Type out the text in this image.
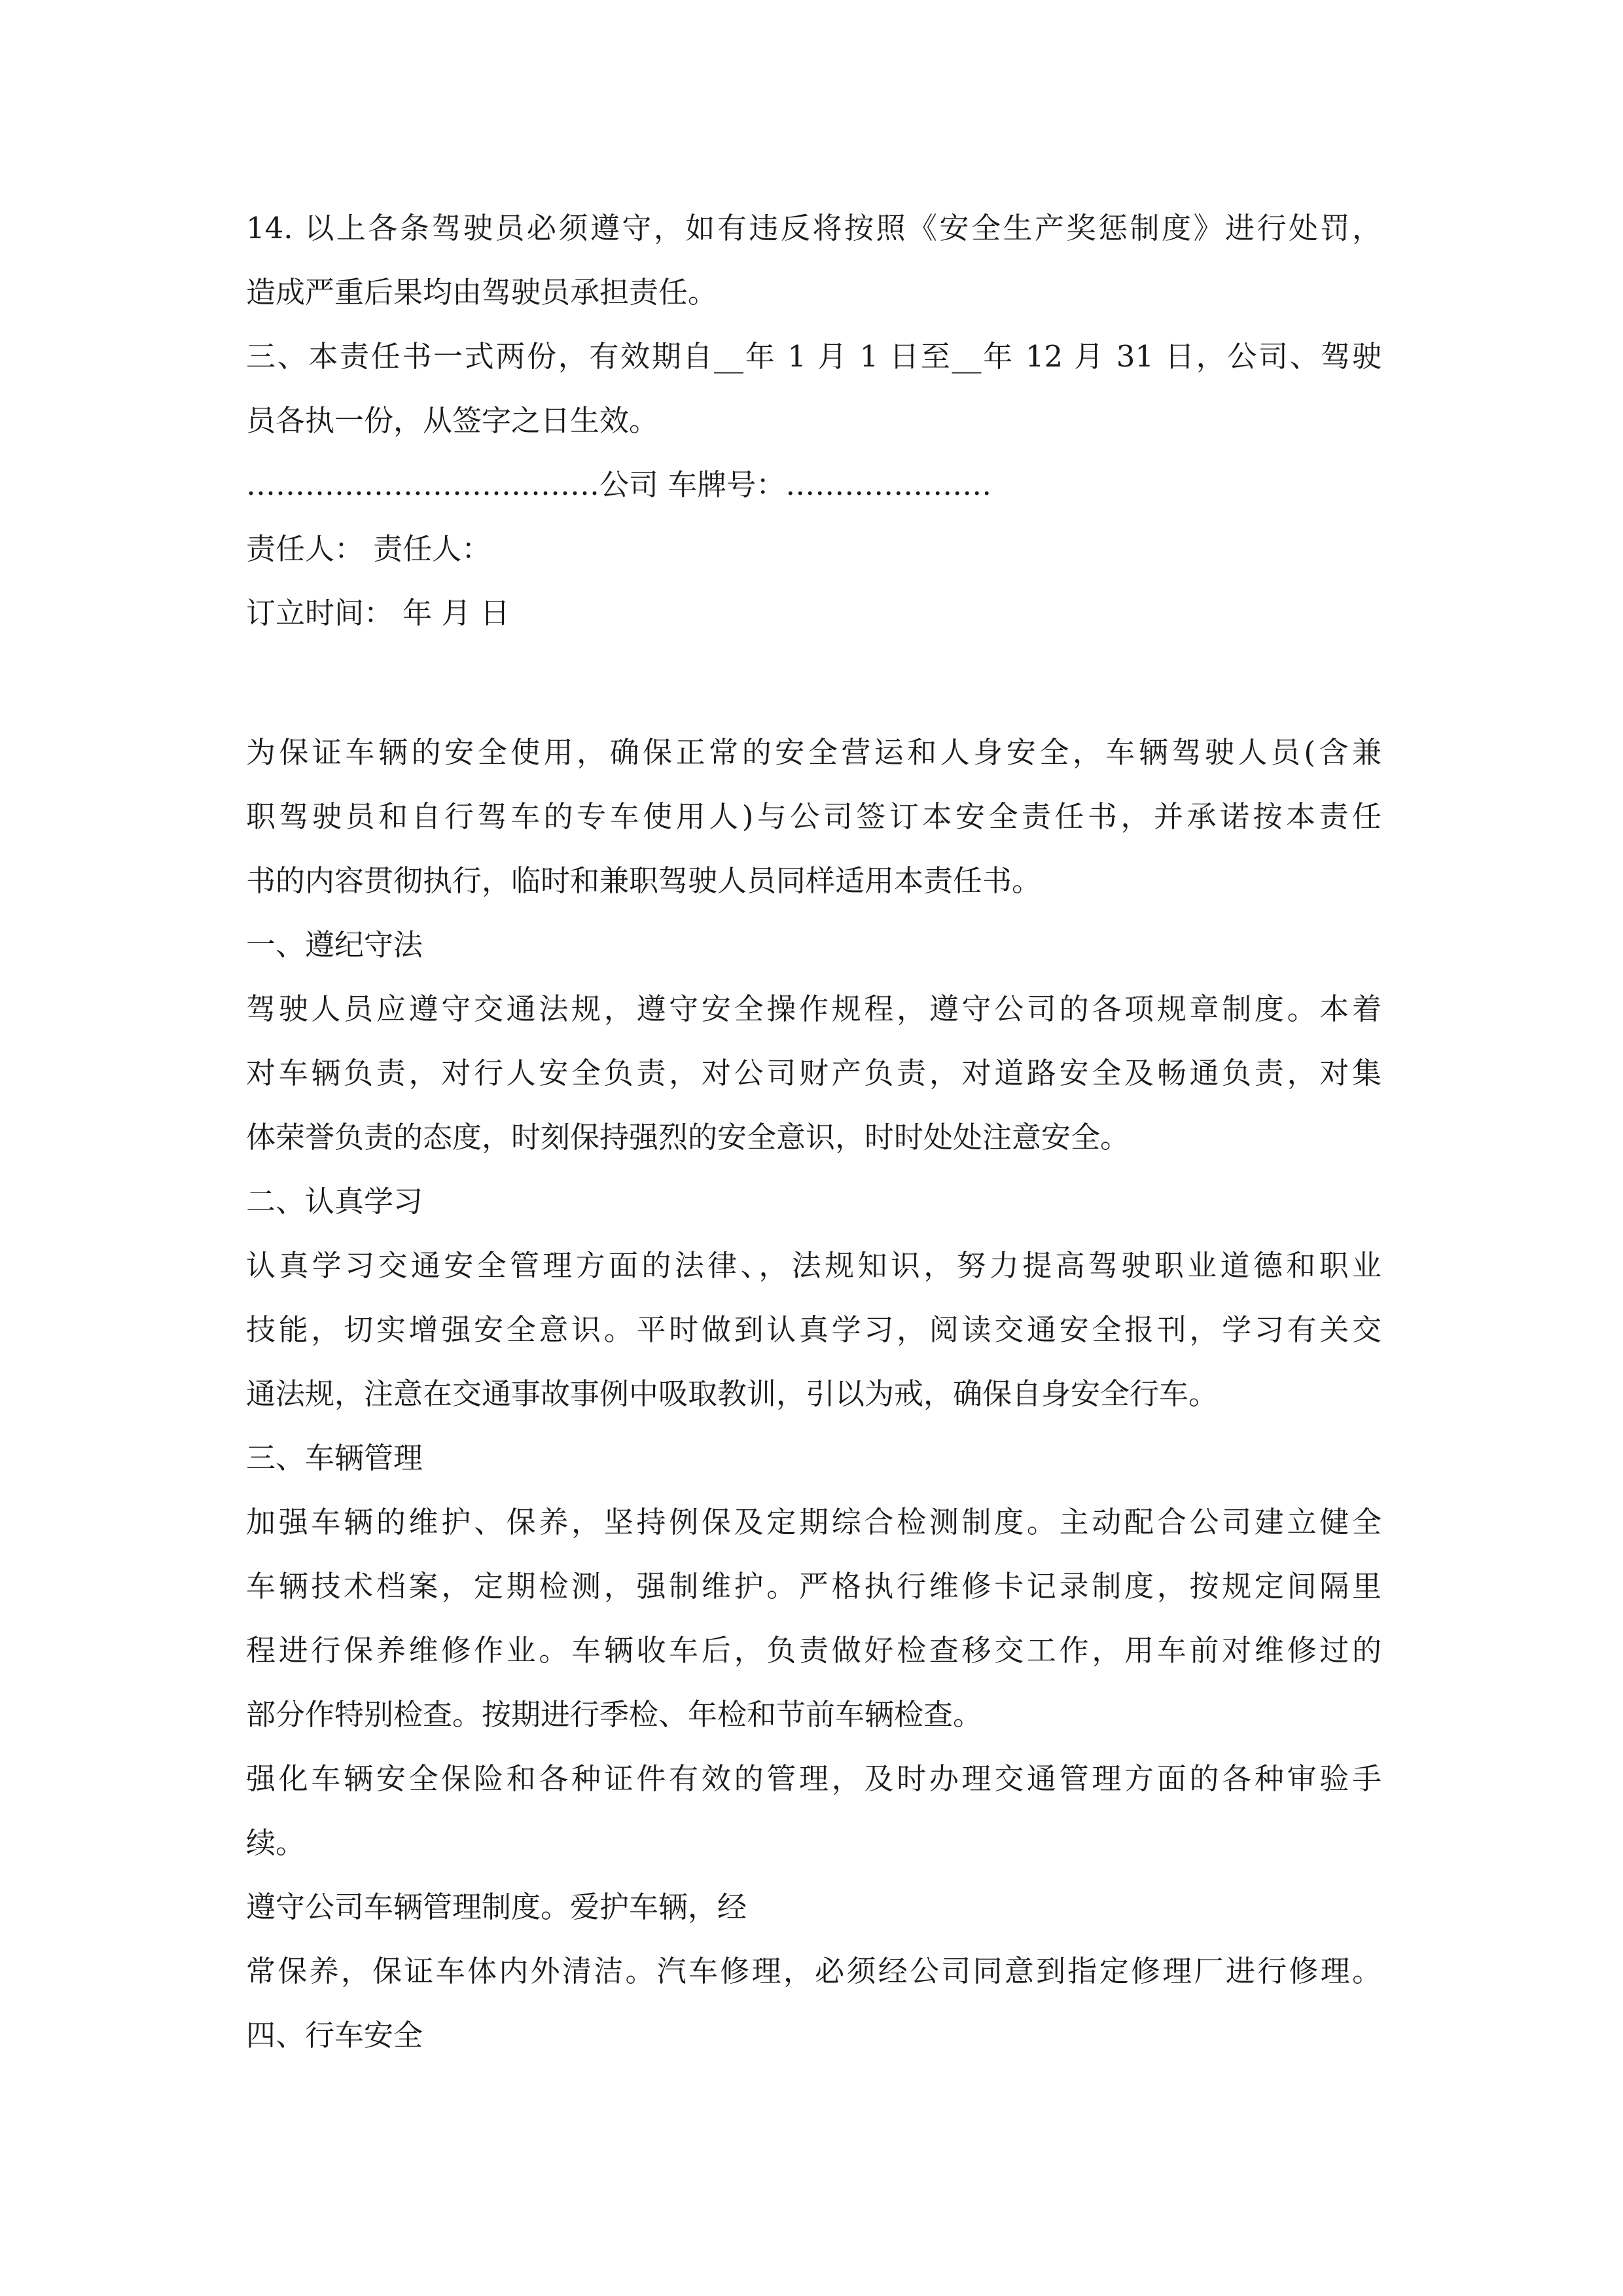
14. 以上各条驾驶员必须遵守，如有违反将按照《安全生产奖惩制度》进行处罚，
造成严重后果均由驾驶员承担责任。
三、本责任书一式两份，有效期自__年 1 月 1 日至__年 12 月 31 日，公司、驾驶
员各执一份，从签字之日生效。
………………………………公司 车牌号：…………………
责任人： 责任人：
订立时间： 年 月 日
为保证车辆的安全使用，确保正常的安全营运和人身安全，车辆驾驶人员(含兼
职驾驶员和自行驾车的专车使用人)与公司签订本安全责任书，并承诺按本责任
书的内容贯彻执行，临时和兼职驾驶人员同样适用本责任书。
一、遵纪守法
驾驶人员应遵守交通法规，遵守安全操作规程，遵守公司的各项规章制度。本着
对车辆负责，对行人安全负责，对公司财产负责，对道路安全及畅通负责，对集
体荣誉负责的态度，时刻保持强烈的安全意识，时时处处注意安全。
二、认真学习
认真学习交通安全管理方面的法律、，法规知识，努力提高驾驶职业道德和职业
技能，切实增强安全意识。平时做到认真学习，阅读交通安全报刊，学习有关交
通法规，注意在交通事故事例中吸取教训，引以为戒，确保自身安全行车。
三、车辆管理
加强车辆的维护、保养，坚持例保及定期综合检测制度。主动配合公司建立健全
车辆技术档案，定期检测，强制维护。严格执行维修卡记录制度，按规定间隔里
程进行保养维修作业。车辆收车后，负责做好检查移交工作，用车前对维修过的
部分作特别检查。按期进行季检、年检和节前车辆检查。
强化车辆安全保险和各种证件有效的管理，及时办理交通管理方面的各种审验手
续。
遵守公司车辆管理制度。爱护车辆，经
常保养，保证车体内外清洁。汽车修理，必须经公司同意到指定修理厂进行修理。
四、行车安全
